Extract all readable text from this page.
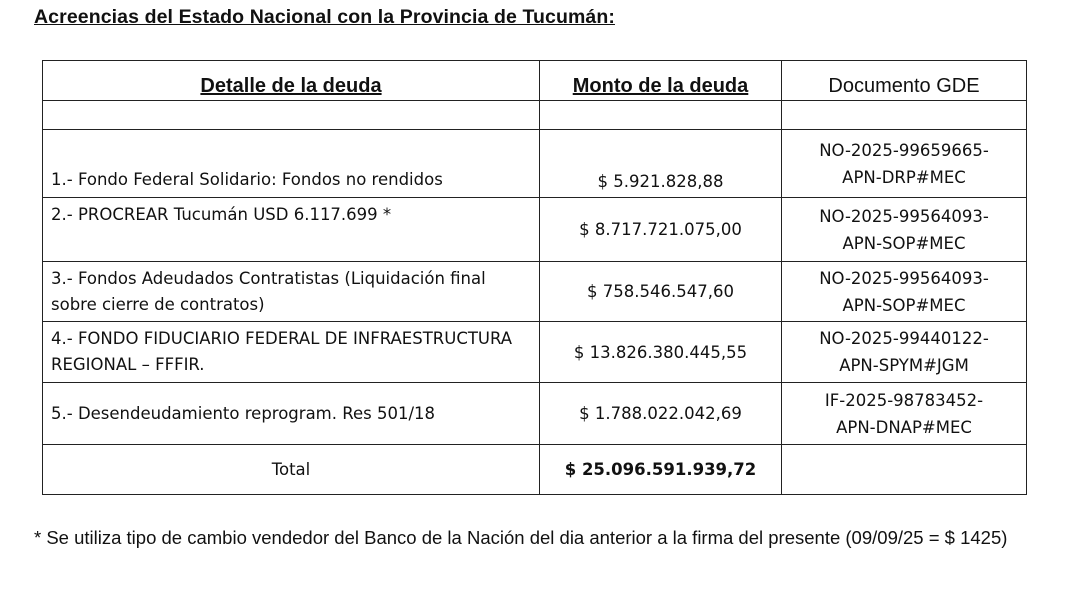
Acreencias del Estado Nacional con la Provincia de Tucumán:
Detalle de la deuda	Monto de la deuda	Documento GDE

1.- Fondo Federal Solidario: Fondos no rendidos	$ 5.921.828,88	NO-2025-99659665-
APN-DRP#MEC

2.- PROCREAR Tucumán USD 6.117.699 *	$ 8.717.721.075,00	NO-2025-99564093-
APN-SOP#MEC

3.- Fondos Adeudados Contratistas (Liquidación final sobre cierre de contratos)	$ 758.546.547,60	NO-2025-99564093-
APN-SOP#MEC

4.- FONDO FIDUCIARIO FEDERAL DE INFRAESTRUCTURA REGIONAL – FFFIR.	$ 13.826.380.445,55	NO-2025-99440122-
APN-SPYM#JGM

5.- Desendeudamiento reprogram. Res 501/18	$ 1.788.022.042,69	IF-2025-98783452-
APN-DNAP#MEC

Total	$ 25.096.591.939,72	
* Se utiliza tipo de cambio vendedor del Banco de la Nación del dia anterior a la firma del presente (09/09/25 = $ 1425)
